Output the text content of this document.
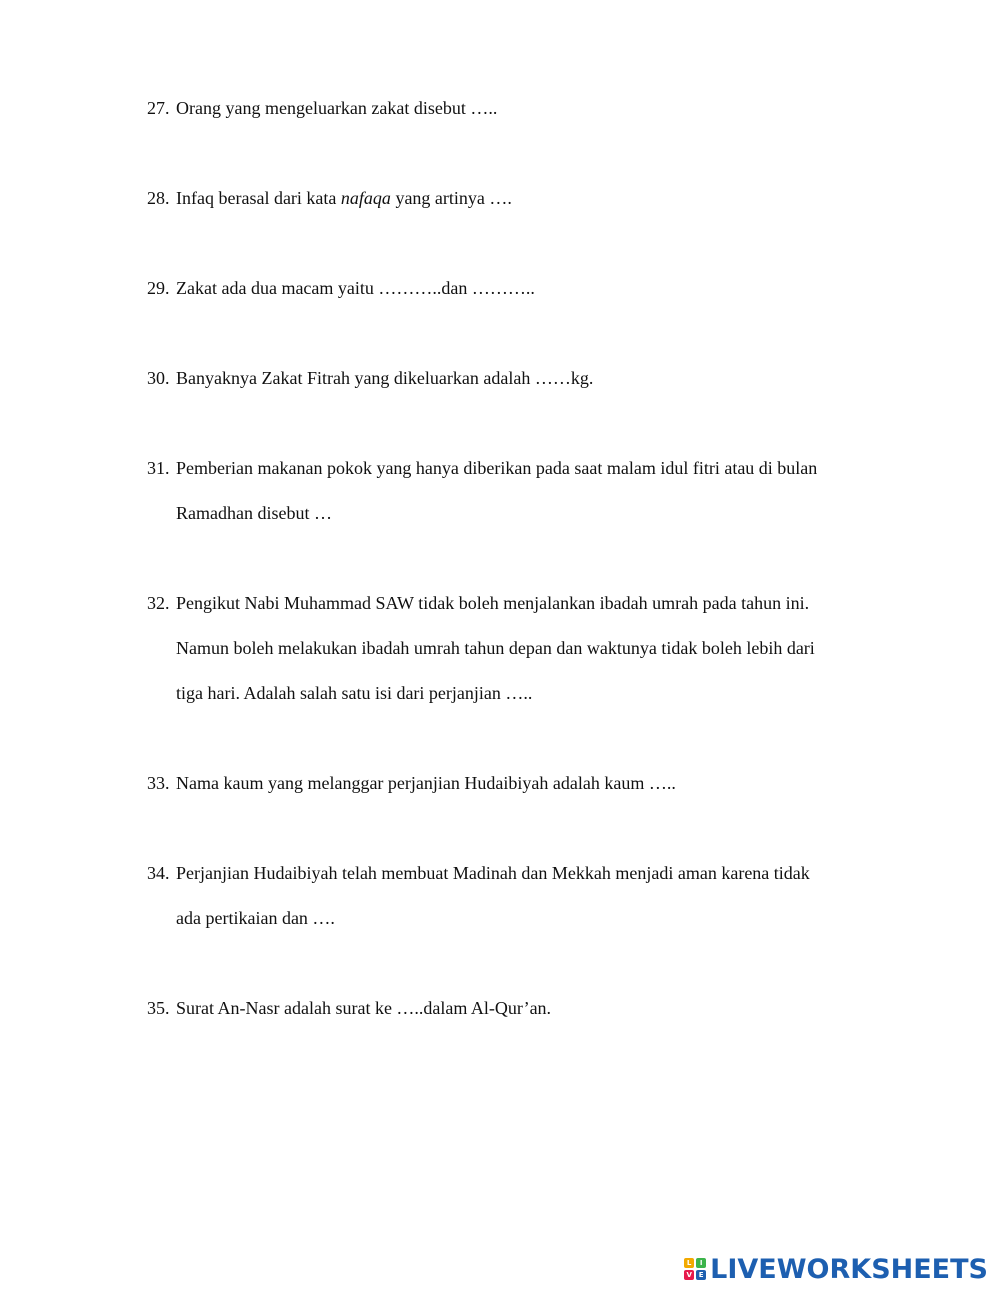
27. Orang yang mengeluarkan zakat disebut …..
28. Infaq berasal dari kata nafaqa yang artinya ….
29. Zakat ada dua macam yaitu ………..dan ………..
30. Banyaknya Zakat Fitrah yang dikeluarkan adalah ……kg.
31. Pemberian makanan pokok yang hanya diberikan pada saat malam idul fitri atau di bulan
Ramadhan disebut …
32. Pengikut Nabi Muhammad SAW tidak boleh menjalankan ibadah umrah pada tahun ini.
Namun boleh melakukan ibadah umrah tahun depan dan waktunya tidak boleh lebih dari
tiga hari. Adalah salah satu isi dari perjanjian …..
33. Nama kaum yang melanggar perjanjian Hudaibiyah adalah kaum …..
34. Perjanjian Hudaibiyah telah membuat Madinah dan Mekkah menjadi aman karena tidak
ada pertikaian dan ….
35. Surat An-Nasr adalah surat ke …..dalam Al-Qur’an.
L	I
V E LIVEWORKSHEETS
